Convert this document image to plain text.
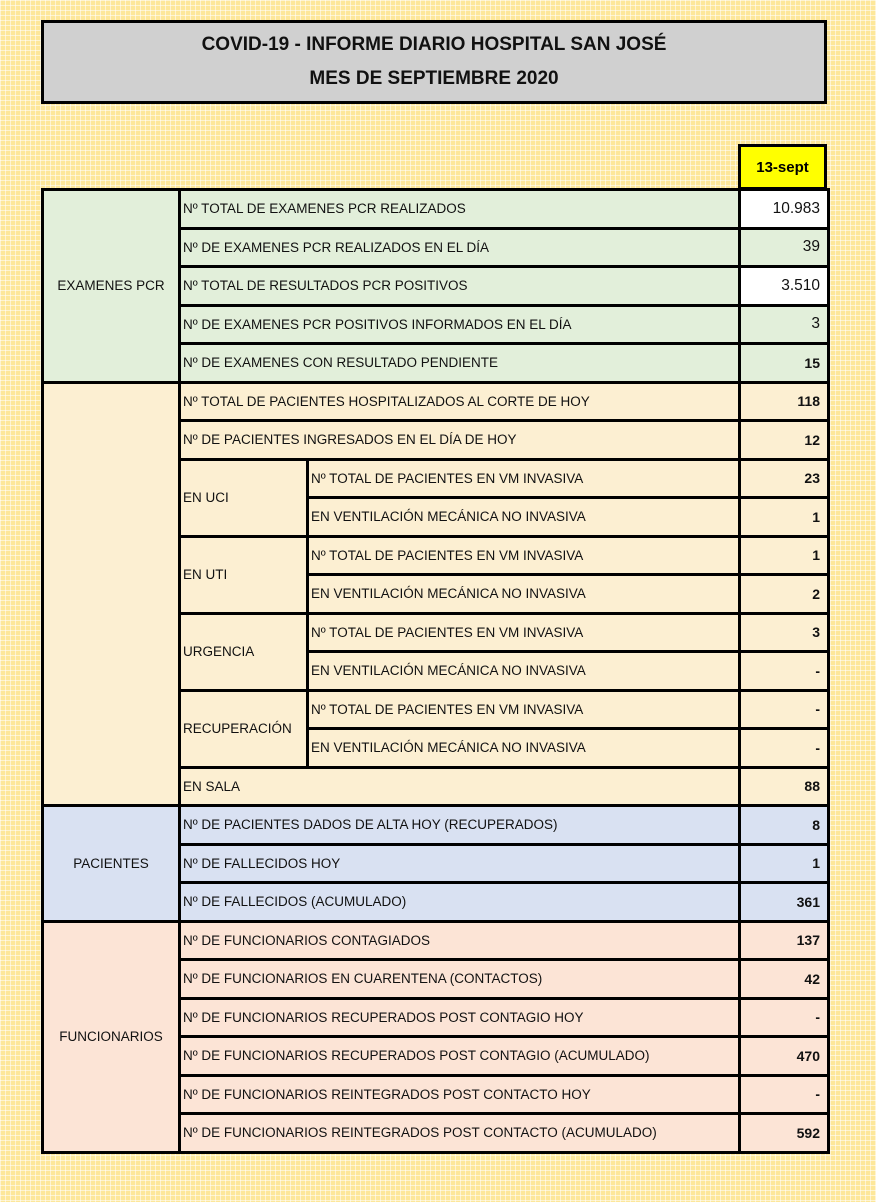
COVID-19 - INFORME DIARIO HOSPITAL SAN JOSÉ
MES DE SEPTIEMBRE 2020
13-sept
EXAMENES PCR
Nº TOTAL DE EXAMENES PCR REALIZADOS	10.983
Nº DE EXAMENES PCR REALIZADOS EN EL DÍA	39
Nº TOTAL DE RESULTADOS PCR POSITIVOS	3.510
Nº DE EXAMENES PCR POSITIVOS INFORMADOS EN EL DÍA	3
Nº DE EXAMENES CON RESULTADO PENDIENTE	15
Nº TOTAL DE PACIENTES HOSPITALIZADOS AL CORTE DE HOY	118
Nº DE PACIENTES INGRESADOS EN EL DÍA DE HOY	12
EN UCI
Nº TOTAL DE PACIENTES EN VM INVASIVA	23
EN VENTILACIÓN MECÁNICA NO INVASIVA	1
EN UTI
Nº TOTAL DE PACIENTES EN VM INVASIVA	1
EN VENTILACIÓN MECÁNICA NO INVASIVA	2
URGENCIA
Nº TOTAL DE PACIENTES EN VM INVASIVA	3
EN VENTILACIÓN MECÁNICA NO INVASIVA	-
RECUPERACIÓN
Nº TOTAL DE PACIENTES EN VM INVASIVA	-
EN VENTILACIÓN MECÁNICA NO INVASIVA	-
EN SALA	88
PACIENTES
Nº DE PACIENTES DADOS DE ALTA HOY (RECUPERADOS)	8
Nº DE FALLECIDOS HOY	1
Nº DE FALLECIDOS (ACUMULADO)	361
FUNCIONARIOS
Nº DE FUNCIONARIOS CONTAGIADOS	137
Nº DE FUNCIONARIOS EN CUARENTENA (CONTACTOS)	42
Nº DE FUNCIONARIOS RECUPERADOS POST CONTAGIO HOY	-
Nº DE FUNCIONARIOS RECUPERADOS POST CONTAGIO (ACUMULADO)	470
Nº DE FUNCIONARIOS REINTEGRADOS POST CONTACTO HOY	-
Nº DE FUNCIONARIOS REINTEGRADOS POST CONTACTO (ACUMULADO)	592
